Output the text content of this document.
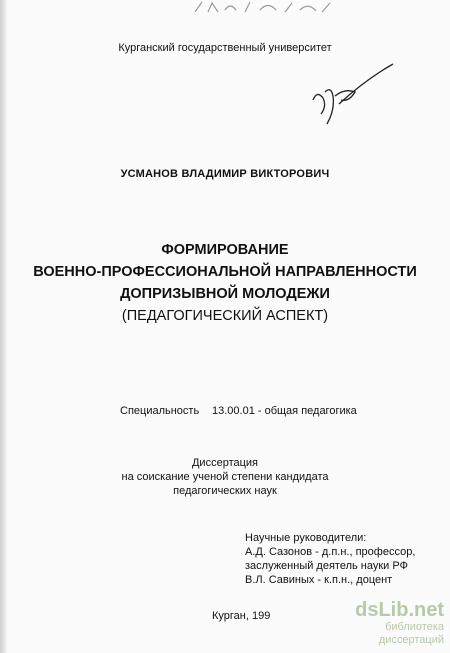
Курганский государственный университет
УСМАНОВ ВЛАДИМИР ВИКТОРОВИЧ
ФОРМИРОВАНИЕ
ВОЕННО-ПРОФЕССИОНАЛЬНОЙ НАПРАВЛЕННОСТИ
ДОПРИЗЫВНОЙ МОЛОДЕЖИ
(ПЕДАГОГИЧЕСКИЙ АСПЕКТ)
Специальность 13.00.01 - общая педагогика
Диссертация
на соискание ученой степени кандидата
педагогических наук
Научные руководители:
А.Д. Сазонов - д.п.н., профессор,
заслуженный деятель науки РФ
В.Л. Савиных - к.п.н., доцент
Курган, 199	dsLib.net
библиотека диссертаций
